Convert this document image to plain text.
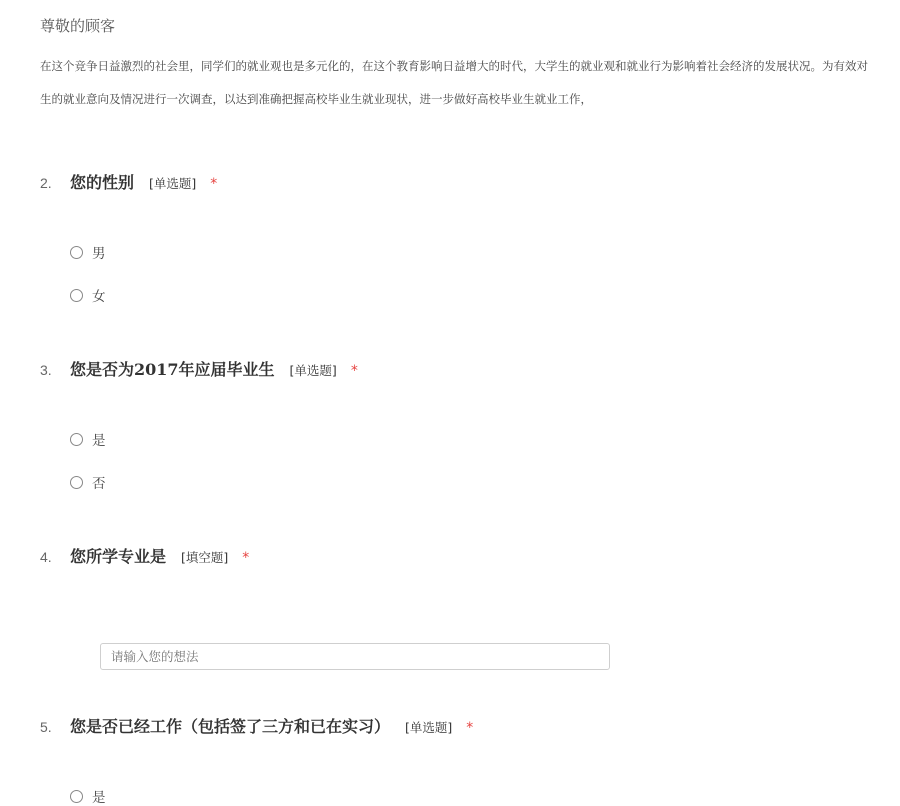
尊敬的顾客
在这个竞争日益激烈的社会里，同学们的就业观也是多元化的，在这个教育影响日益增大的时代，大学生的就业观和就业行为影响着社会经济的发展状况。为有效对
生的就业意向及情况进行一次调查，以达到准确把握高校毕业生就业现状，进一步做好高校毕业生就业工作，
2.	您的性别 [单选题] *
男
女
3.	您是否为2017年应届毕业生 [单选题] *
是
否
4.	您所学专业是 [填空题] *
请输入您的想法
5.	您是否已经工作（包括签了三方和已在实习） [单选题] *
是
